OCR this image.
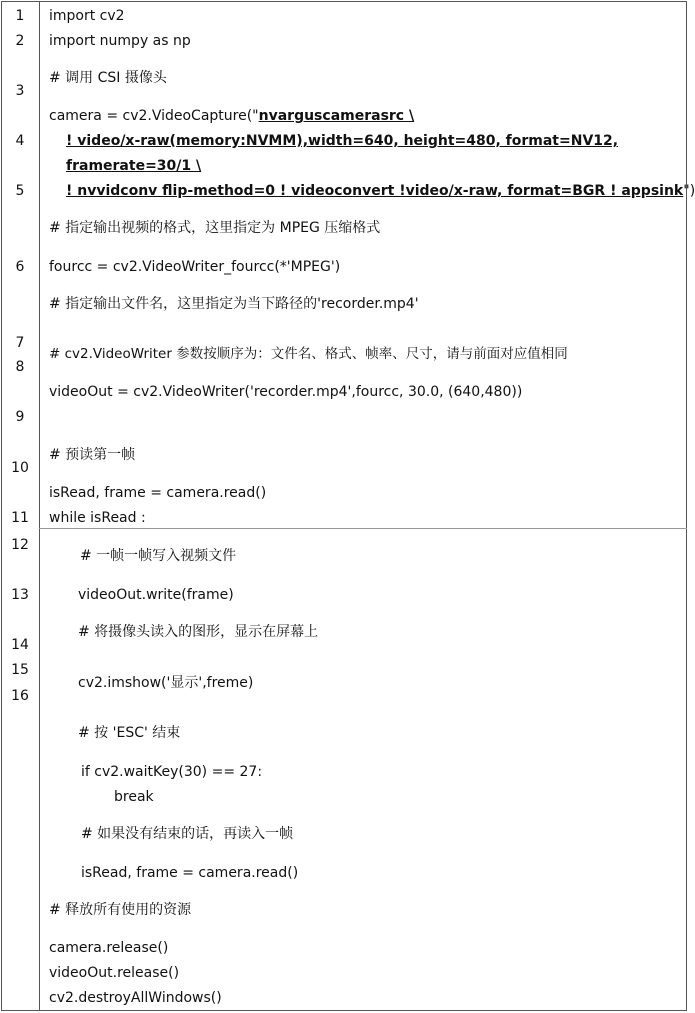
1
2
3
4
5
6
7
8
9
10
11
12
13
14
15
16
import cv2
import numpy as np
# 调用 CSI 摄像头
camera = cv2.VideoCapture("nvarguscamerasrc \
! video/x-raw(memory:NVMM),width=640, height=480, format=NV12,
framerate=30/1 \
! nvvidconv flip-method=0 ! videoconvert !video/x-raw, format=BGR ! appsink")
# 指定输出视频的格式，这里指定为 MPEG 压缩格式
fourcc = cv2.VideoWriter_fourcc(*'MPEG')
# 指定输出文件名，这里指定为当下路径的'recorder.mp4'
# cv2.VideoWriter 参数按顺序为：文件名、格式、帧率、尺寸，请与前面对应值相同
videoOut = cv2.VideoWriter('recorder.mp4',fourcc, 30.0, (640,480))
# 预读第一帧
isRead, frame = camera.read()
while isRead :
# 一帧一帧写入视频文件
videoOut.write(frame)
# 将摄像头读入的图形，显示在屏幕上
cv2.imshow('显示',freme)
# 按 'ESC' 结束
if cv2.waitKey(30) == 27:
break
# 如果没有结束的话，再读入一帧
isRead, frame = camera.read()
# 释放所有使用的资源
camera.release()
videoOut.release()
cv2.destroyAllWindows()
